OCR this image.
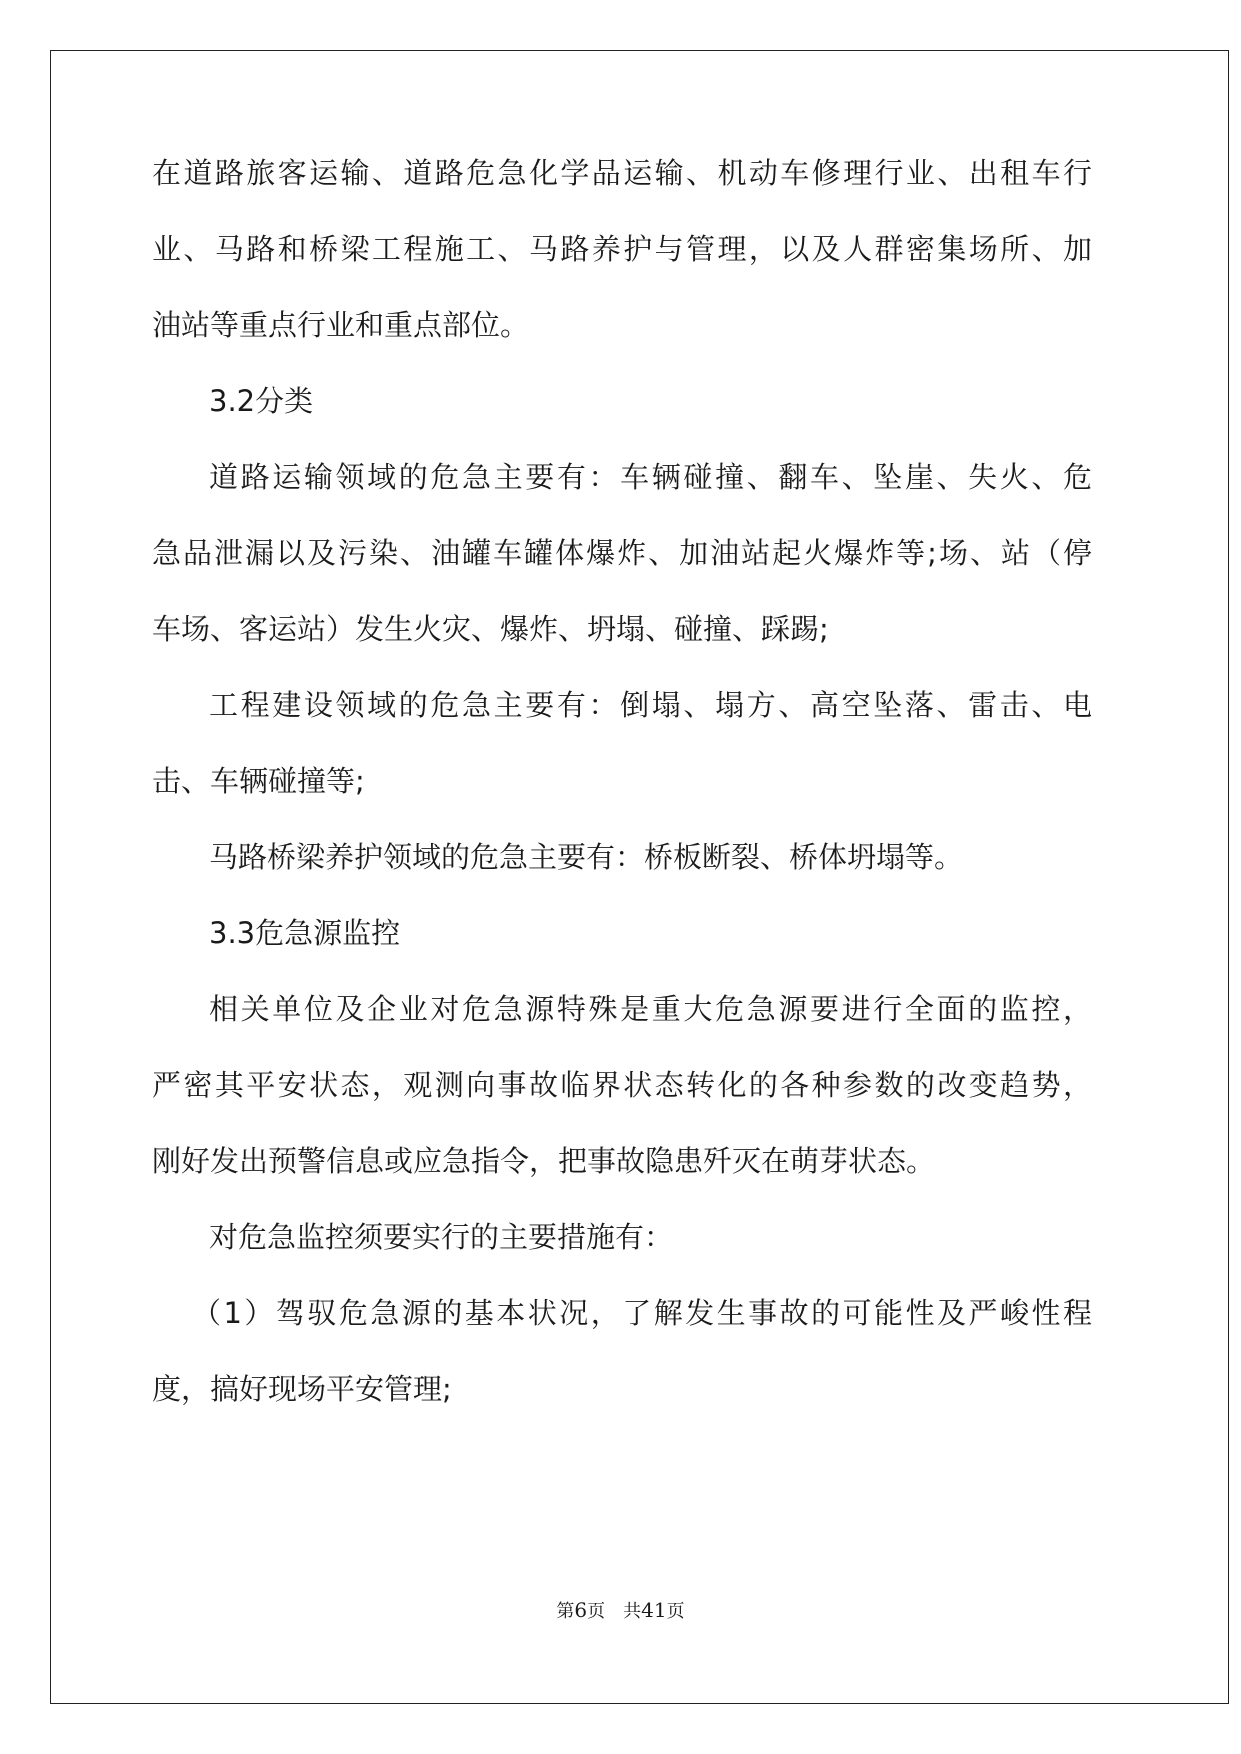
在道路旅客运输、道路危急化学品运输、机动车修理行业、出租车行
业、马路和桥梁工程施工、马路养护与管理，以及人群密集场所、加
油站等重点行业和重点部位。
3.2分类
道路运输领域的危急主要有：车辆碰撞、翻车、坠崖、失火、危
急品泄漏以及污染、油罐车罐体爆炸、加油站起火爆炸等;场、站（停
车场、客运站）发生火灾、爆炸、坍塌、碰撞、踩踢;
工程建设领域的危急主要有：倒塌、塌方、高空坠落、雷击、电
击、车辆碰撞等;
马路桥梁养护领域的危急主要有：桥板断裂、桥体坍塌等。
3.3危急源监控
相关单位及企业对危急源特殊是重大危急源要进行全面的监控，
严密其平安状态，观测向事故临界状态转化的各种参数的改变趋势，
刚好发出预警信息或应急指令，把事故隐患歼灭在萌芽状态。
对危急监控须要实行的主要措施有：
（1）驾驭危急源的基本状况，了解发生事故的可能性及严峻性程
度，搞好现场平安管理;
第6页　共41页
